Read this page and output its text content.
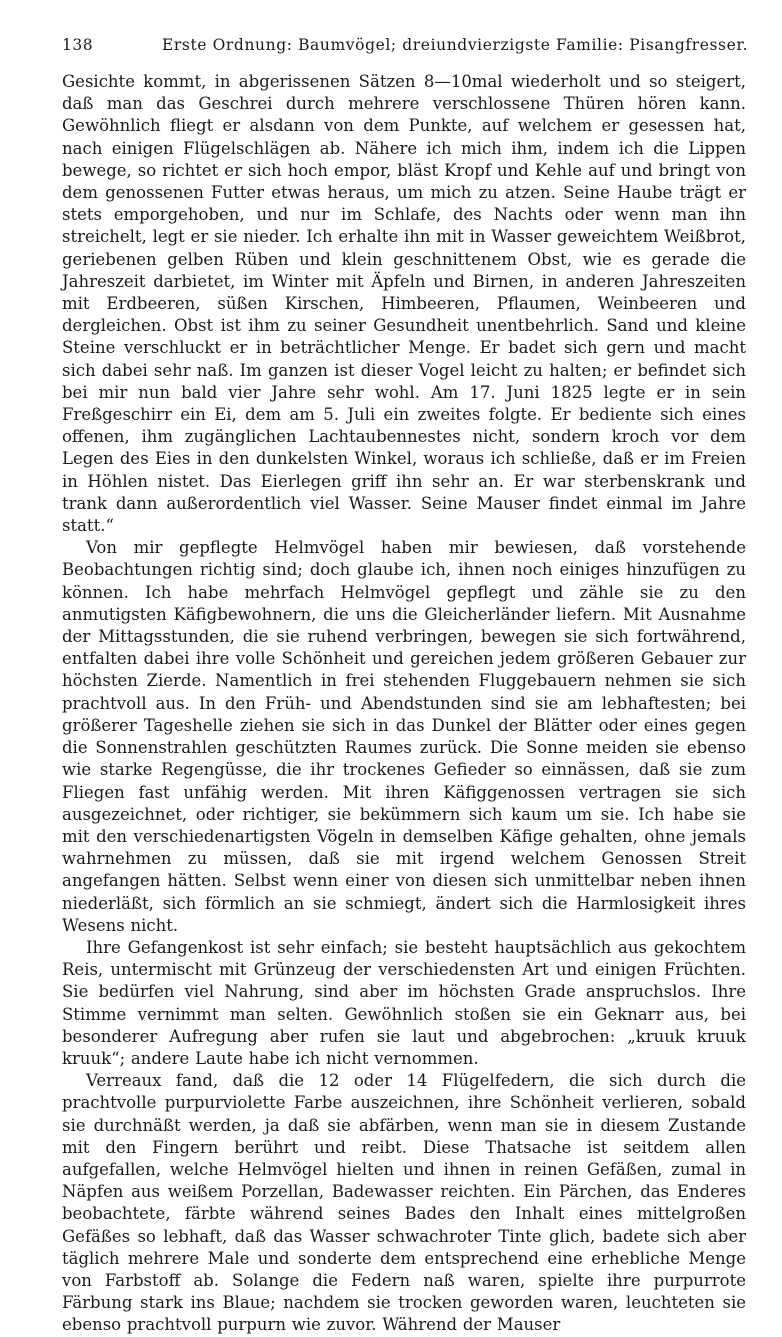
138	Erste Ordnung: Baumvögel; dreiundvierzigste Familie: Pisangfresser.

Gesichte kommt, in abgerissenen Sätzen 8—10mal wiederholt und so steigert, daß man das Geschrei durch mehrere verschlossene Thüren hören kann. Gewöhnlich fliegt er alsdann von dem Punkte, auf welchem er gesessen hat, nach einigen Flügelschlägen ab. Nähere ich mich ihm, indem ich die Lippen bewege, so richtet er sich hoch empor, bläst Kropf und Kehle auf und bringt von dem genossenen Futter etwas heraus, um mich zu atzen. Seine Haube trägt er stets emporgehoben, und nur im Schlafe, des Nachts oder wenn man ihn streichelt, legt er sie nieder. Ich erhalte ihn mit in Wasser geweichtem Weißbrot, geriebenen gelben Rüben und klein geschnittenem Obst, wie es gerade die Jahreszeit darbietet, im Winter mit Äpfeln und Birnen, in anderen Jahreszeiten mit Erdbeeren, süßen Kirschen, Himbeeren, Pflaumen, Weinbeeren und dergleichen. Obst ist ihm zu seiner Gesundheit unentbehrlich. Sand und kleine Steine verschluckt er in beträchtlicher Menge. Er badet sich gern und macht sich dabei sehr naß. Im ganzen ist dieser Vogel leicht zu halten; er befindet sich bei mir nun bald vier Jahre sehr wohl. Am 17. Juni 1825 legte er in sein Freßgeschirr ein Ei, dem am 5. Juli ein zweites folgte. Er bediente sich eines offenen, ihm zugänglichen Lachtaubennestes nicht, sondern kroch vor dem Legen des Eies in den dunkelsten Winkel, woraus ich schließe, daß er im Freien in Höhlen nistet. Das Eierlegen griff ihn sehr an. Er war sterbenskrank und trank dann außerordentlich viel Wasser. Seine Mauser findet einmal im Jahre statt.“

Von mir gepflegte Helmvögel haben mir bewiesen, daß vorstehende Beobachtungen richtig sind; doch glaube ich, ihnen noch einiges hinzufügen zu können. Ich habe mehrfach Helmvögel gepflegt und zähle sie zu den anmutigsten Käfigbewohnern, die uns die Gleicherländer liefern. Mit Ausnahme der Mittagsstunden, die sie ruhend verbringen, bewegen sie sich fortwährend, entfalten dabei ihre volle Schönheit und gereichen jedem größeren Gebauer zur höchsten Zierde. Namentlich in frei stehenden Fluggebauern nehmen sie sich prachtvoll aus. In den Früh- und Abendstunden sind sie am lebhaftesten; bei größerer Tageshelle ziehen sie sich in das Dunkel der Blätter oder eines gegen die Sonnenstrahlen geschützten Raumes zurück. Die Sonne meiden sie ebenso wie starke Regengüsse, die ihr trockenes Gefieder so einnässen, daß sie zum Fliegen fast unfähig werden. Mit ihren Käfiggenossen vertragen sie sich ausgezeichnet, oder richtiger, sie bekümmern sich kaum um sie. Ich habe sie mit den verschiedenartigsten Vögeln in demselben Käfige gehalten, ohne jemals wahrnehmen zu müssen, daß sie mit irgend welchem Genossen Streit angefangen hätten. Selbst wenn einer von diesen sich unmittelbar neben ihnen niederläßt, sich förmlich an sie schmiegt, ändert sich die Harmlosigkeit ihres Wesens nicht.

Ihre Gefangenkost ist sehr einfach; sie besteht hauptsächlich aus gekochtem Reis, untermischt mit Grünzeug der verschiedensten Art und einigen Früchten. Sie bedürfen viel Nahrung, sind aber im höchsten Grade anspruchslos. Ihre Stimme vernimmt man selten. Gewöhnlich stoßen sie ein Geknarr aus, bei besonderer Aufregung aber rufen sie laut und abgebrochen: „kruuk kruuk kruuk“; andere Laute habe ich nicht vernommen.

Verreaux fand, daß die 12 oder 14 Flügelfedern, die sich durch die prachtvolle purpurviolette Farbe auszeichnen, ihre Schönheit verlieren, sobald sie durchnäßt werden, ja daß sie abfärben, wenn man sie in diesem Zustande mit den Fingern berührt und reibt. Diese Thatsache ist seitdem allen aufgefallen, welche Helmvögel hielten und ihnen in reinen Gefäßen, zumal in Näpfen aus weißem Porzellan, Badewasser reichten. Ein Pärchen, das Enderes beobachtete, färbte während seines Bades den Inhalt eines mittelgroßen Gefäßes so lebhaft, daß das Wasser schwachroter Tinte glich, badete sich aber täglich mehrere Male und sonderte dem entsprechend eine erhebliche Menge von Farbstoff ab. Solange die Federn naß waren, spielte ihre purpurrote Färbung stark ins Blaue; nachdem sie trocken geworden waren, leuchteten sie ebenso prachtvoll purpurn wie zuvor. Während der Mauser
